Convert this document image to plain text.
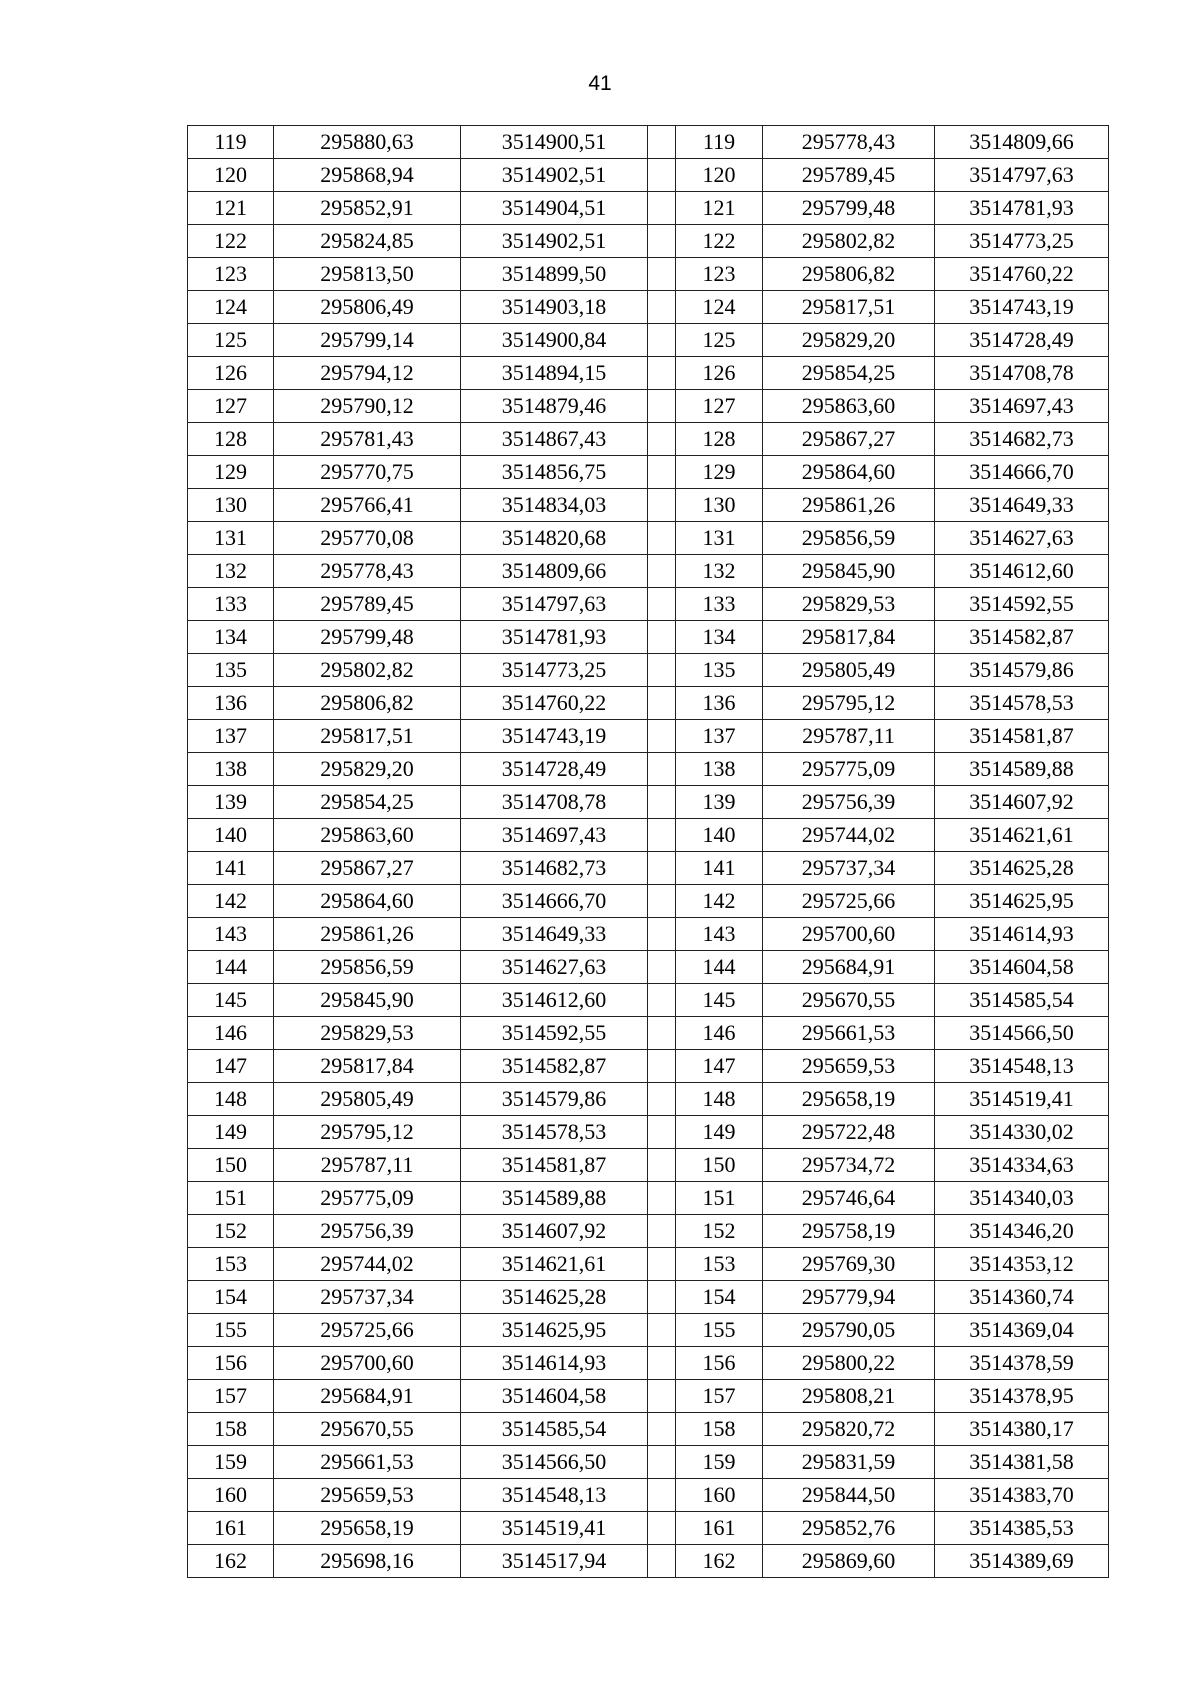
41
119	295880,63	3514900,51		119	295778,43	3514809,66
120	295868,94	3514902,51		120	295789,45	3514797,63
121	295852,91	3514904,51		121	295799,48	3514781,93
122	295824,85	3514902,51		122	295802,82	3514773,25
123	295813,50	3514899,50		123	295806,82	3514760,22
124	295806,49	3514903,18		124	295817,51	3514743,19
125	295799,14	3514900,84		125	295829,20	3514728,49
126	295794,12	3514894,15		126	295854,25	3514708,78
127	295790,12	3514879,46		127	295863,60	3514697,43
128	295781,43	3514867,43		128	295867,27	3514682,73
129	295770,75	3514856,75		129	295864,60	3514666,70
130	295766,41	3514834,03		130	295861,26	3514649,33
131	295770,08	3514820,68		131	295856,59	3514627,63
132	295778,43	3514809,66		132	295845,90	3514612,60
133	295789,45	3514797,63		133	295829,53	3514592,55
134	295799,48	3514781,93		134	295817,84	3514582,87
135	295802,82	3514773,25		135	295805,49	3514579,86
136	295806,82	3514760,22		136	295795,12	3514578,53
137	295817,51	3514743,19		137	295787,11	3514581,87
138	295829,20	3514728,49		138	295775,09	3514589,88
139	295854,25	3514708,78		139	295756,39	3514607,92
140	295863,60	3514697,43		140	295744,02	3514621,61
141	295867,27	3514682,73		141	295737,34	3514625,28
142	295864,60	3514666,70		142	295725,66	3514625,95
143	295861,26	3514649,33		143	295700,60	3514614,93
144	295856,59	3514627,63		144	295684,91	3514604,58
145	295845,90	3514612,60		145	295670,55	3514585,54
146	295829,53	3514592,55		146	295661,53	3514566,50
147	295817,84	3514582,87		147	295659,53	3514548,13
148	295805,49	3514579,86		148	295658,19	3514519,41
149	295795,12	3514578,53		149	295722,48	3514330,02
150	295787,11	3514581,87		150	295734,72	3514334,63
151	295775,09	3514589,88		151	295746,64	3514340,03
152	295756,39	3514607,92		152	295758,19	3514346,20
153	295744,02	3514621,61		153	295769,30	3514353,12
154	295737,34	3514625,28		154	295779,94	3514360,74
155	295725,66	3514625,95		155	295790,05	3514369,04
156	295700,60	3514614,93		156	295800,22	3514378,59
157	295684,91	3514604,58		157	295808,21	3514378,95
158	295670,55	3514585,54		158	295820,72	3514380,17
159	295661,53	3514566,50		159	295831,59	3514381,58
160	295659,53	3514548,13		160	295844,50	3514383,70
161	295658,19	3514519,41		161	295852,76	3514385,53
162	295698,16	3514517,94		162	295869,60	3514389,69
